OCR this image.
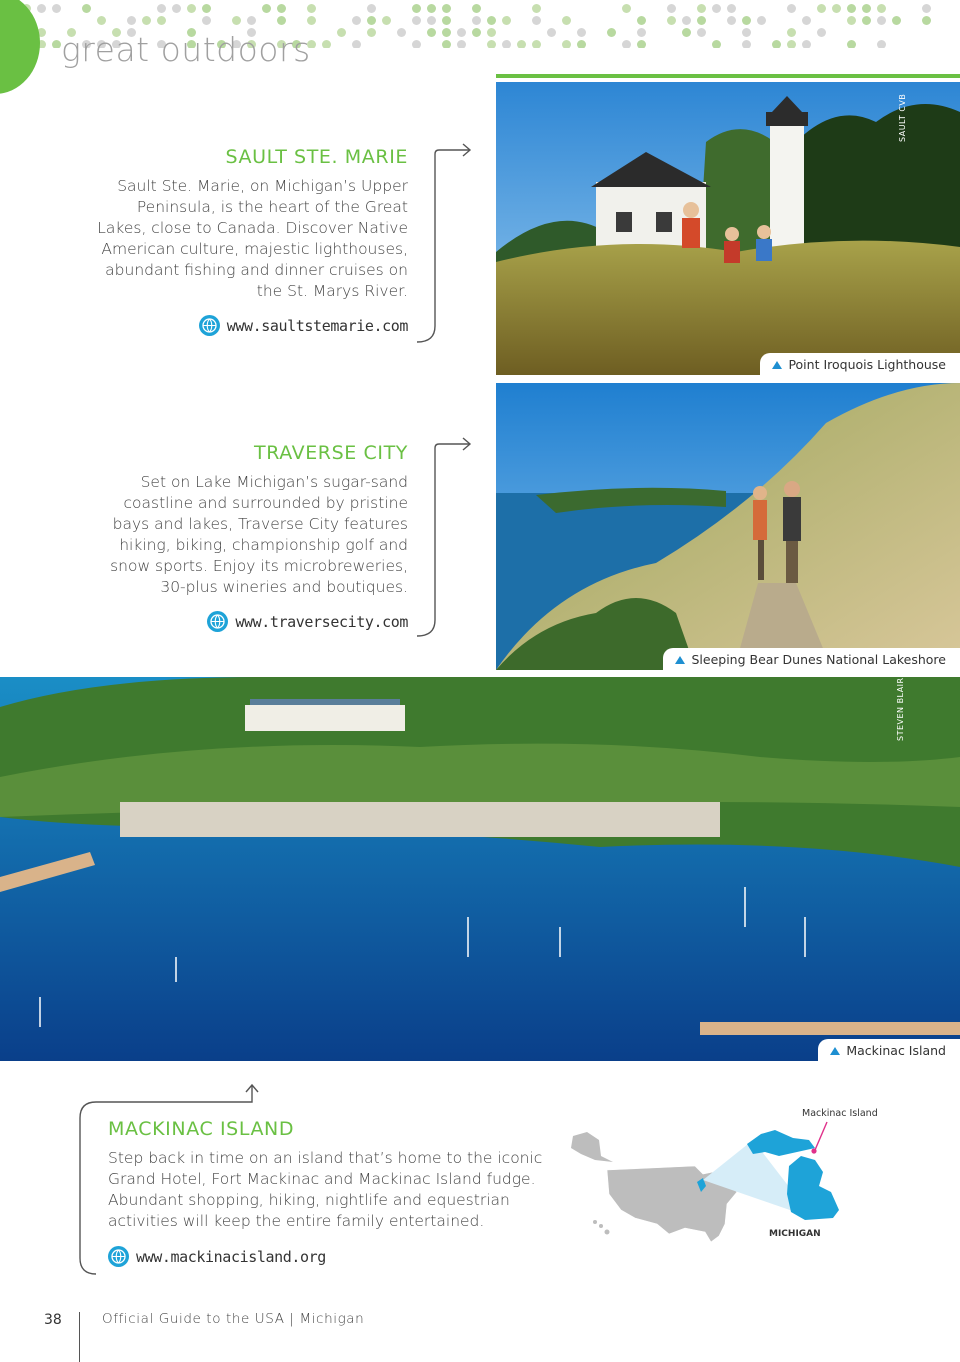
great outdoors
SAULT STE. MARIE

Sault Ste. Marie, on Michigan’s Upper Peninsula, is the heart of the Great Lakes, close to Canada. Discover Native American culture, majestic lighthouses, abundant fishing and dinner cruises on the St. Marys River.

www.saultstemarie.com
SAULT CVB
Point Iroquois Lighthouse
TRAVERSE CITY

Set on Lake Michigan’s sugar-sand coastline and surrounded by pristine bays and lakes, Traverse City features hiking, biking, championship golf and snow sports. Enjoy its microbreweries, 30-plus wineries and boutiques.

www.traversecity.com
Sleeping Bear Dunes National Lakeshore
STEVEN BLAIR
Mackinac Island
MACKINAC ISLAND

Step back in time on an island that’s home to the iconic Grand Hotel, Fort Mackinac and Mackinac Island fudge. Abundant shopping, hiking, nightlife and equestrian activities will keep the entire family entertained.

www.mackinacisland.org
Mackinac Island
MICHIGAN
38	Official Guide to the USA | Michigan
